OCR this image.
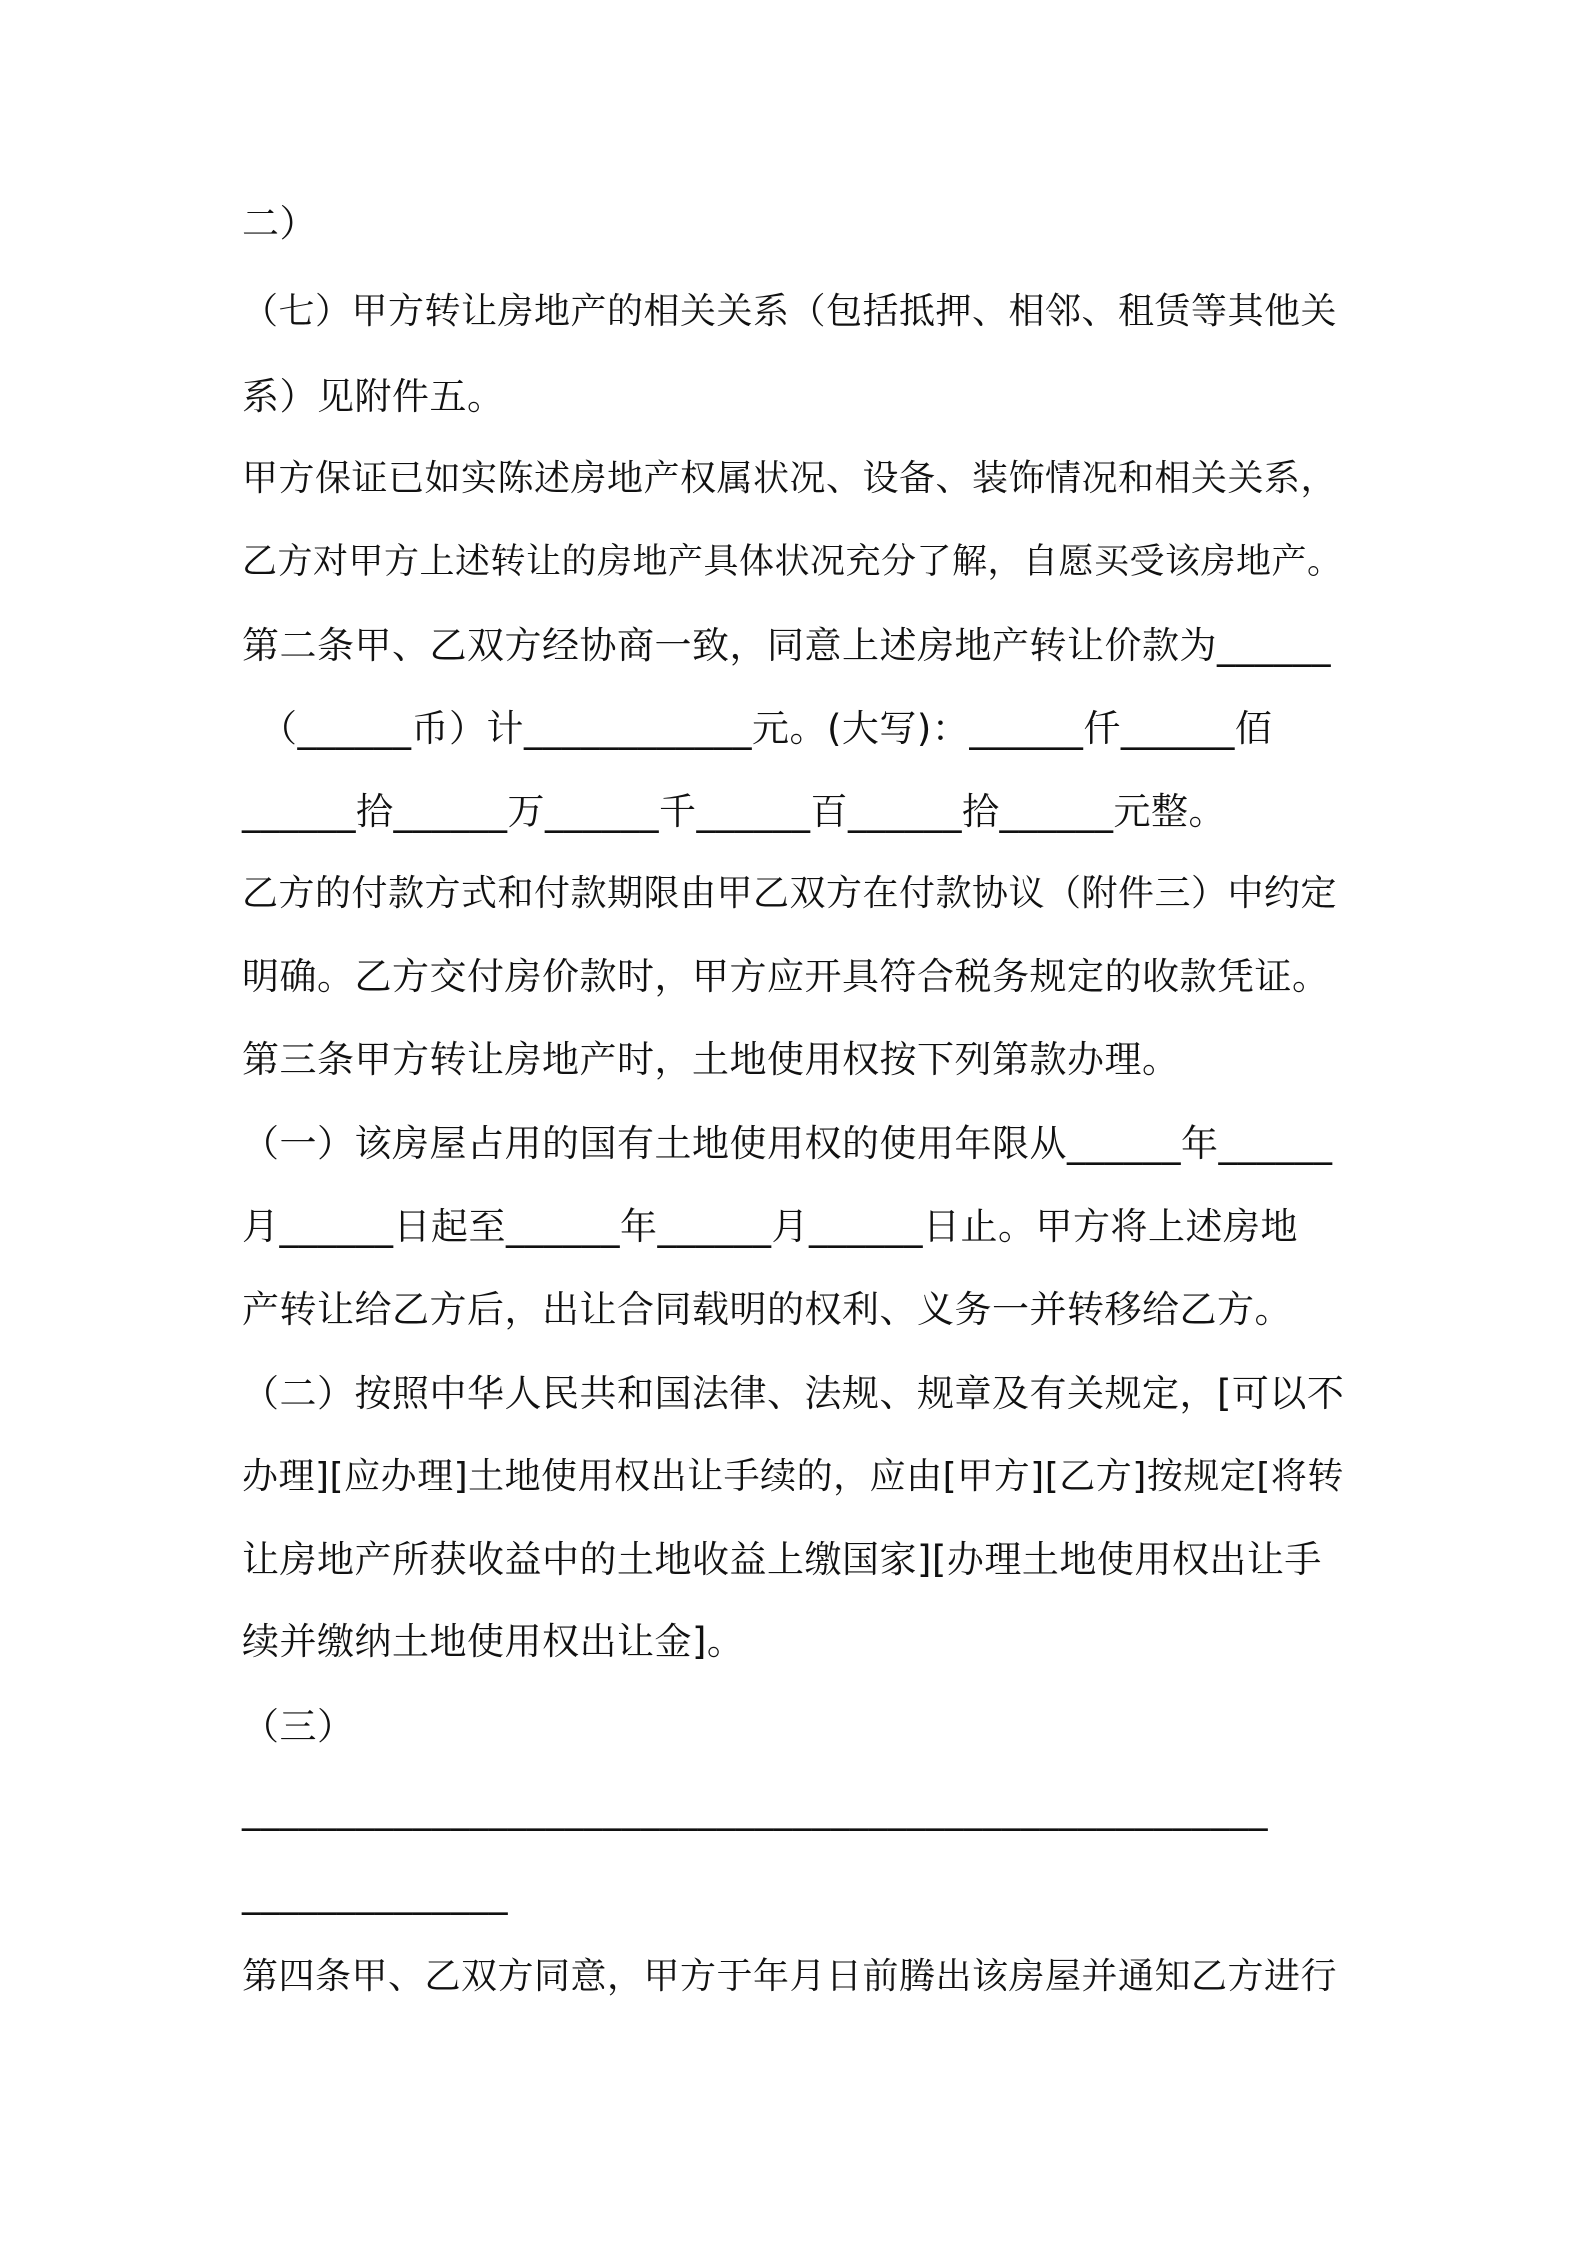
二）
（七）甲方转让房地产的相关关系（包括抵押、相邻、租赁等其他关
系）见附件五。
甲方保证已如实陈述房地产权属状况、设备、装饰情况和相关关系，
乙方对甲方上述转让的房地产具体状况充分了解，自愿买受该房地产。
第二条甲、乙双方经协商一致，同意上述房地产转让价款为______
（______币）计____________元。(大写)：______仟______佰
______拾______万______千______百______拾______元整。
乙方的付款方式和付款期限由甲乙双方在付款协议（附件三）中约定
明确。乙方交付房价款时，甲方应开具符合税务规定的收款凭证。
第三条甲方转让房地产时，土地使用权按下列第款办理。
（一）该房屋占用的国有土地使用权的使用年限从______年______
月______日起至______年______月______日止。甲方将上述房地
产转让给乙方后，出让合同载明的权利、义务一并转移给乙方。
（二）按照中华人民共和国法律、法规、规章及有关规定，[可以不
办理][应办理]土地使用权出让手续的，应由[甲方][乙方]按规定[将转
让房地产所获收益中的土地收益上缴国家][办理土地使用权出让手
续并缴纳土地使用权出让金]。
（三）
______________________________________________________
______________
第四条甲、乙双方同意，甲方于年月日前腾出该房屋并通知乙方进行
